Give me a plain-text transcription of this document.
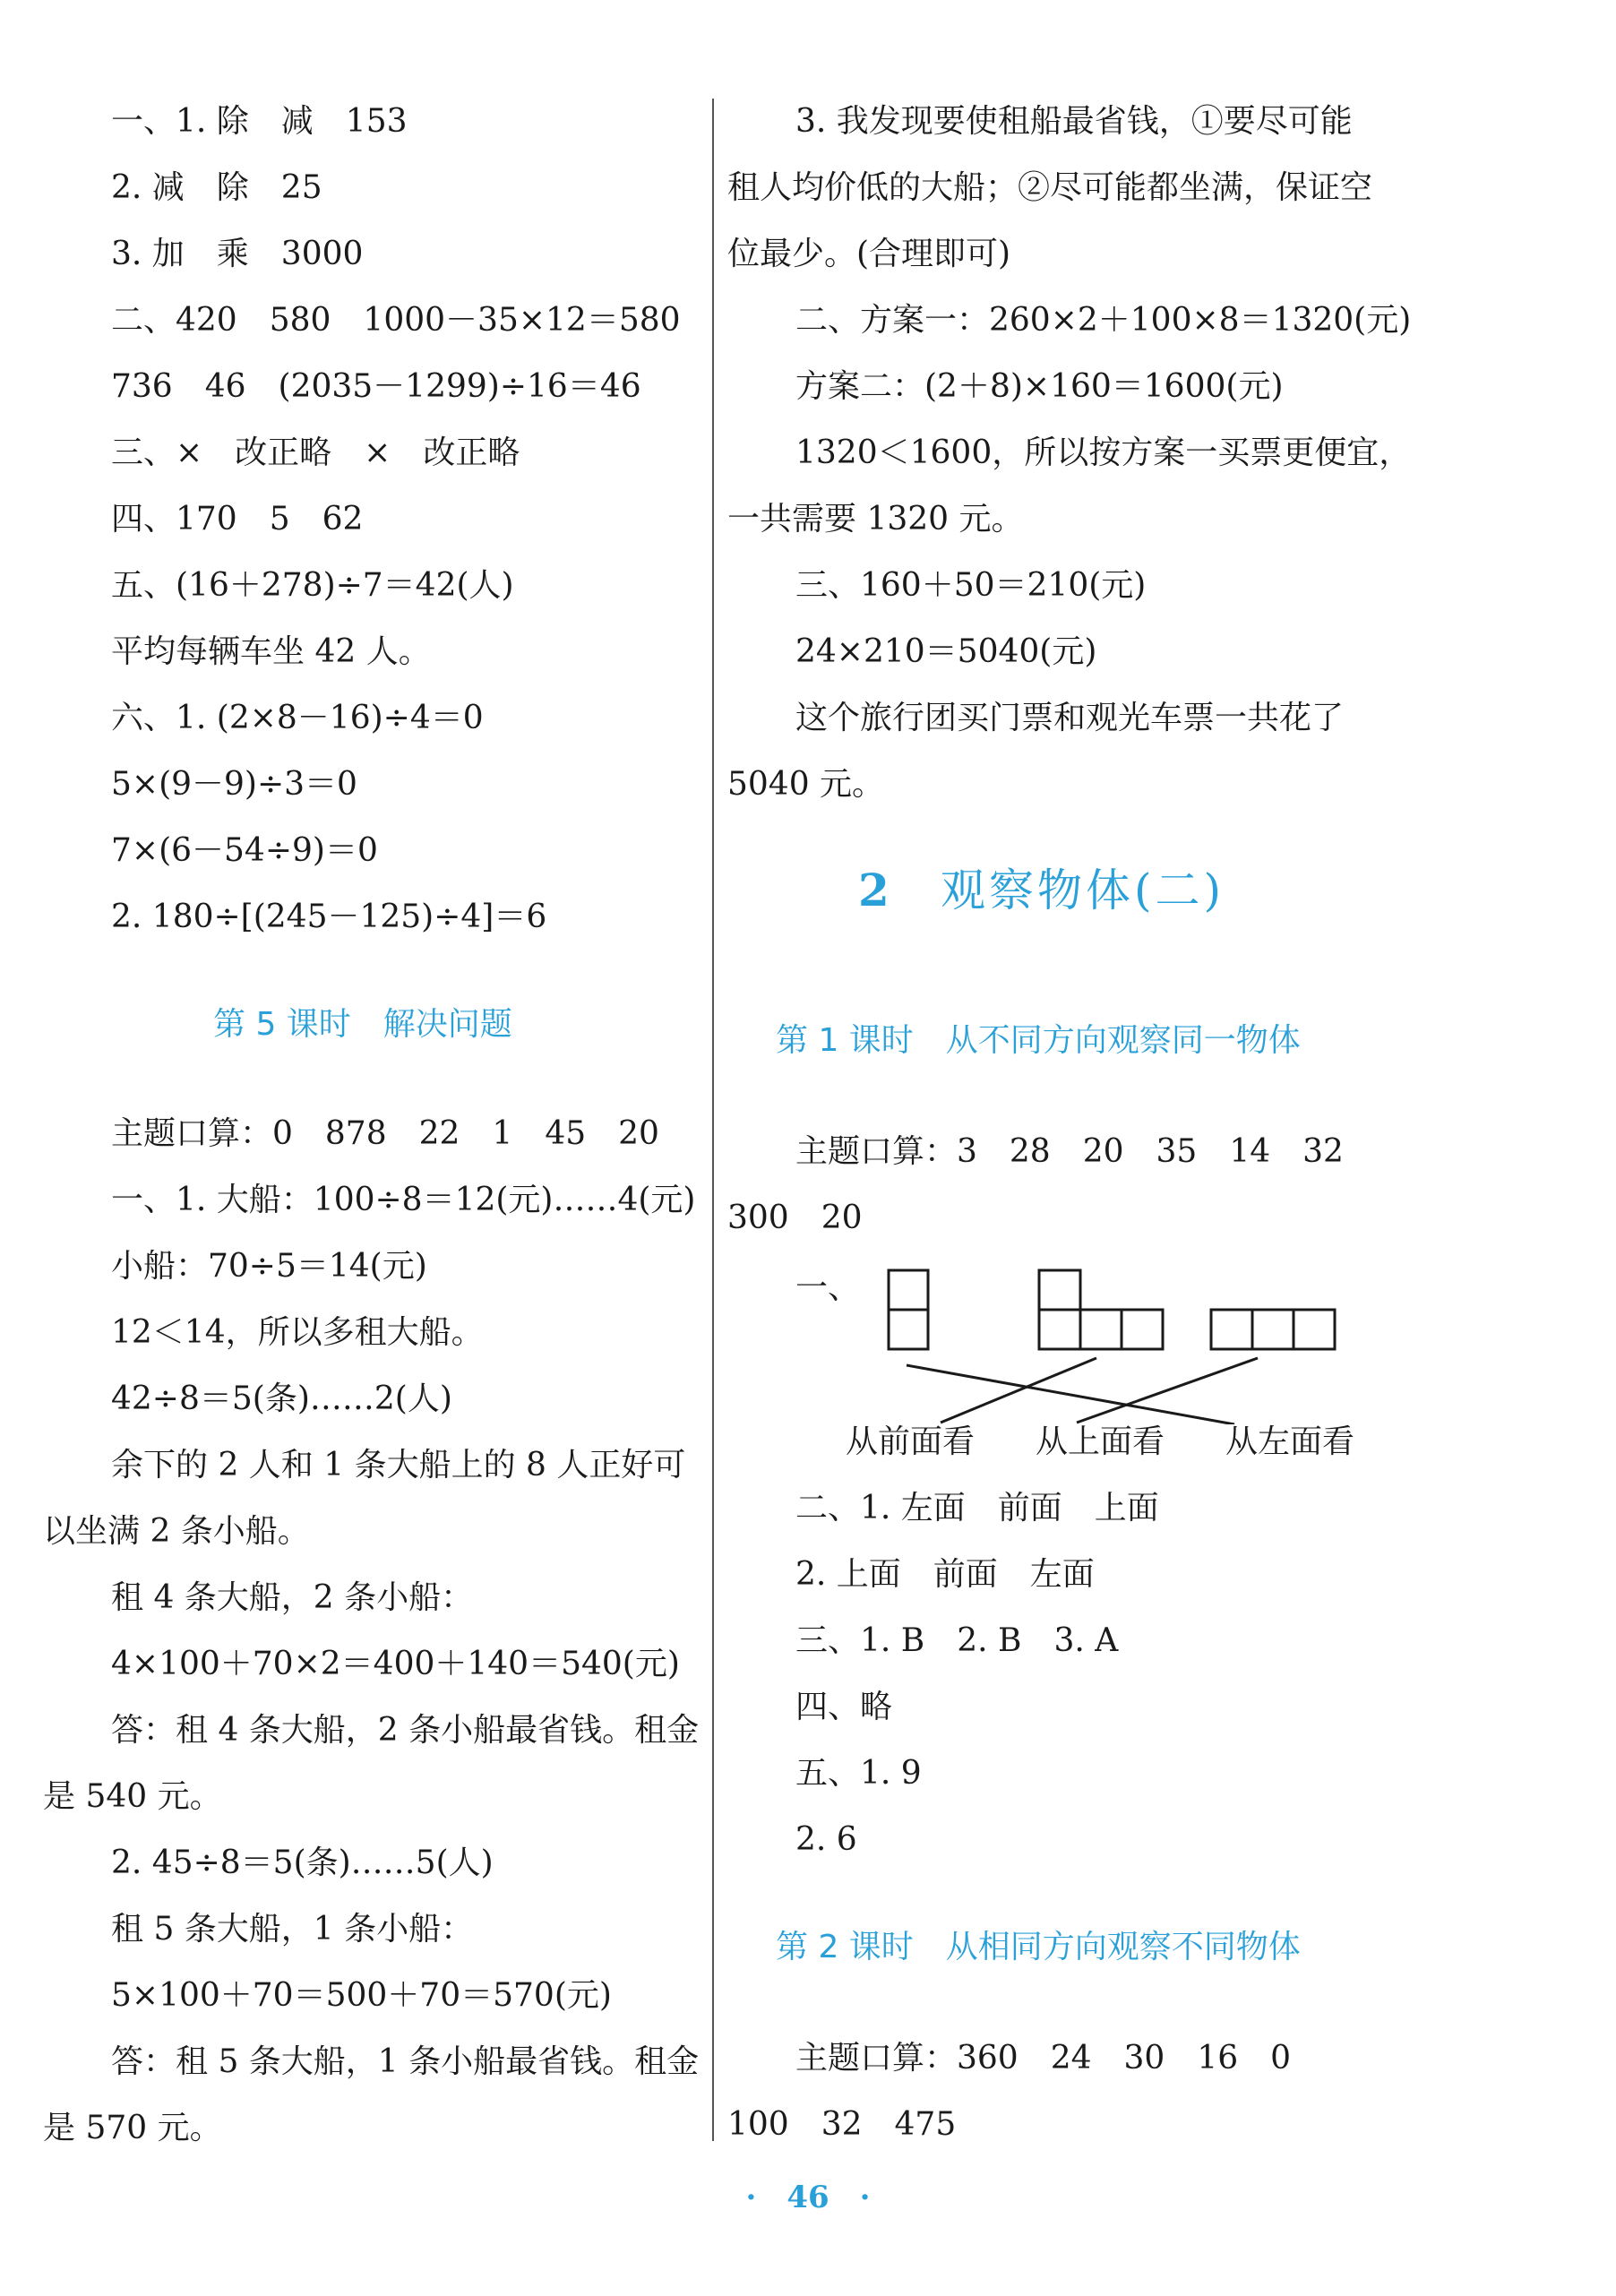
一、1. 除　减　153
2. 减　除　25
3. 加　乘　3000
二、420　580　1000－35×12＝580
736　46　(2035－1299)÷16＝46
三、×　改正略　×　改正略
四、170　5　62
五、(16＋278)÷7＝42(人)
平均每辆车坐 42 人。
六、1. (2×8－16)÷4＝0
5×(9－9)÷3＝0
7×(6－54÷9)＝0
2. 180÷[(245－125)÷4]＝6
第 5 课时　解决问题
主题口算：0　878　22　1　45　20
一、1. 大船：100÷8＝12(元)……4(元)
小船：70÷5＝14(元)
12＜14，所以多租大船。
42÷8＝5(条)……2(人)
余下的 2 人和 1 条大船上的 8 人正好可
以坐满 2 条小船。
租 4 条大船，2 条小船：
4×100＋70×2＝400＋140＝540(元)
答：租 4 条大船，2 条小船最省钱。租金
是 540 元。
2. 45÷8＝5(条)……5(人)
租 5 条大船，1 条小船：
5×100＋70＝500＋70＝570(元)
答：租 5 条大船，1 条小船最省钱。租金
是 570 元。
3. 我发现要使租船最省钱，①要尽可能
租人均价低的大船；②尽可能都坐满，保证空
位最少。(合理即可)
二、方案一：260×2＋100×8＝1320(元)
方案二：(2＋8)×160＝1600(元)
1320＜1600，所以按方案一买票更便宜，
一共需要 1320 元。
三、160＋50＝210(元)
24×210＝5040(元)
这个旅行团买门票和观光车票一共花了
5040 元。
2 观察物体(二)
第 1 课时　从不同方向观察同一物体
主题口算：3　28　20　35　14　32
300　20
一、
从前面看 从上面看 从左面看
二、1. 左面　前面　上面
2. 上面　前面　左面
三、1. B　2. B　3. A
四、略
五、1. 9
2. 6
第 2 课时　从相同方向观察不同物体
主题口算：360　24　30　16　0
100　32　475
·　46　·
